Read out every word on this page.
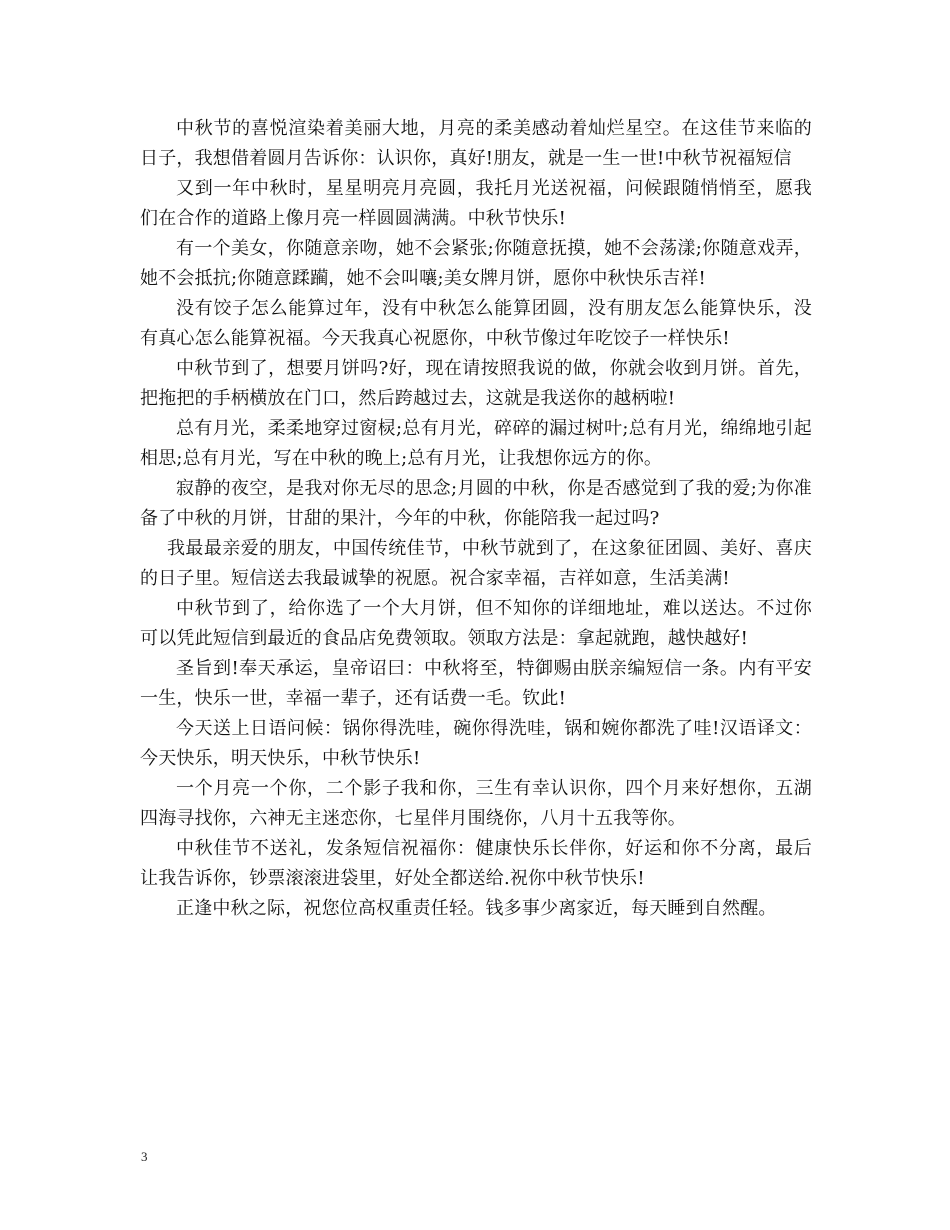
中秋节的喜悦渲染着美丽大地，月亮的柔美感动着灿烂星空。在这佳节来临的日子，我想借着圆月告诉你：认识你，真好!朋友，就是一生一世!中秋节祝福短信

又到一年中秋时，星星明亮月亮圆，我托月光送祝福，问候跟随悄悄至，愿我们在合作的道路上像月亮一样圆圆满满。中秋节快乐!

有一个美女，你随意亲吻，她不会紧张;你随意抚摸，她不会荡漾;你随意戏弄，她不会抵抗;你随意蹂躏，她不会叫嚷;美女牌月饼，愿你中秋快乐吉祥!

没有饺子怎么能算过年，没有中秋怎么能算团圆，没有朋友怎么能算快乐，没有真心怎么能算祝福。今天我真心祝愿你，中秋节像过年吃饺子一样快乐!

中秋节到了，想要月饼吗?好，现在请按照我说的做，你就会收到月饼。首先，把拖把的手柄横放在门口，然后跨越过去，这就是我送你的越柄啦!

总有月光，柔柔地穿过窗棂;总有月光，碎碎的漏过树叶;总有月光，绵绵地引起相思;总有月光，写在中秋的晚上;总有月光，让我想你远方的你。

寂静的夜空，是我对你无尽的思念;月圆的中秋，你是否感觉到了我的爱;为你准备了中秋的月饼，甘甜的果汁，今年的中秋，你能陪我一起过吗?

我最最亲爱的朋友，中国传统佳节，中秋节就到了，在这象征团圆、美好、喜庆的日子里。短信送去我最诚挚的祝愿。祝合家幸福，吉祥如意，生活美满!

中秋节到了，给你选了一个大月饼，但不知你的详细地址，难以送达。不过你可以凭此短信到最近的食品店免费领取。领取方法是：拿起就跑，越快越好!

圣旨到!奉天承运，皇帝诏曰：中秋将至，特御赐由朕亲编短信一条。内有平安一生，快乐一世，幸福一辈子，还有话费一毛。钦此!

今天送上日语问候：锅你得洗哇，碗你得洗哇，锅和婉你都洗了哇!汉语译文：今天快乐，明天快乐，中秋节快乐!

一个月亮一个你，二个影子我和你，三生有幸认识你，四个月来好想你，五湖四海寻找你，六神无主迷恋你，七星伴月围绕你，八月十五我等你。

中秋佳节不送礼，发条短信祝福你：健康快乐长伴你，好运和你不分离，最后让我告诉你，钞票滚滚进袋里，好处全都送给.祝你中秋节快乐!

正逢中秋之际，祝您位高权重责任轻。钱多事少离家近，每天睡到自然醒。

3
